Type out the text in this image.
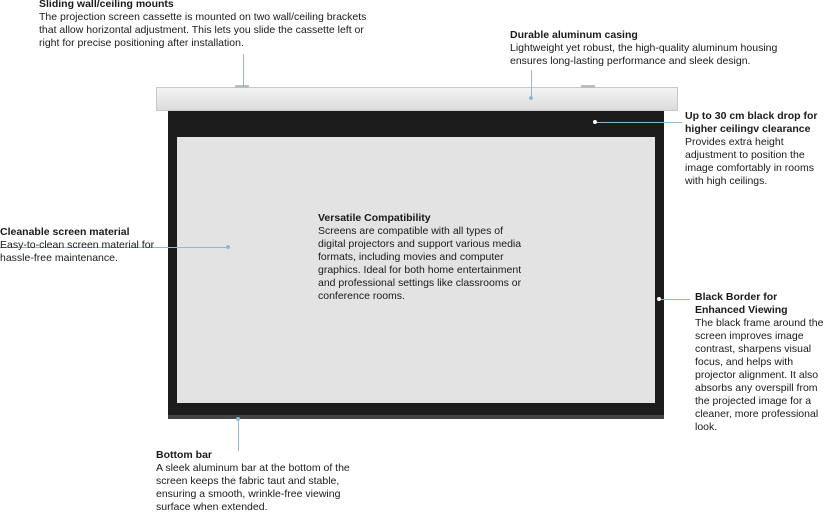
Sliding wall/ceiling mounts
The projection screen cassette is mounted on two wall/ceiling brackets that allow horizontal adjustment. This lets you slide the cassette left or right for precise positioning after installation.
Durable aluminum casing
Lightweight yet robust, the high-quality aluminum housing ensures long-lasting performance and sleek design.
Up to 30 cm black drop for higher ceilingv clearance
Provides extra height adjustment to position the image comfortably in rooms with high ceilings.
Cleanable screen material
Easy-to-clean screen material for hassle-free maintenance.
Versatile Compatibility
Screens are compatible with all types of digital projectors and support various media formats, including movies and computer graphics. Ideal for both home entertainment and professional settings like classrooms or conference rooms.	Black Border for Enhanced Viewing
The black frame around the screen improves image contrast, sharpens visual focus, and helps with projector alignment. It also absorbs any overspill from the projected image for a cleaner, more professional look.
Bottom bar
A sleek aluminum bar at the bottom of the screen keeps the fabric taut and stable, ensuring a smooth, wrinkle-free viewing surface when extended.
